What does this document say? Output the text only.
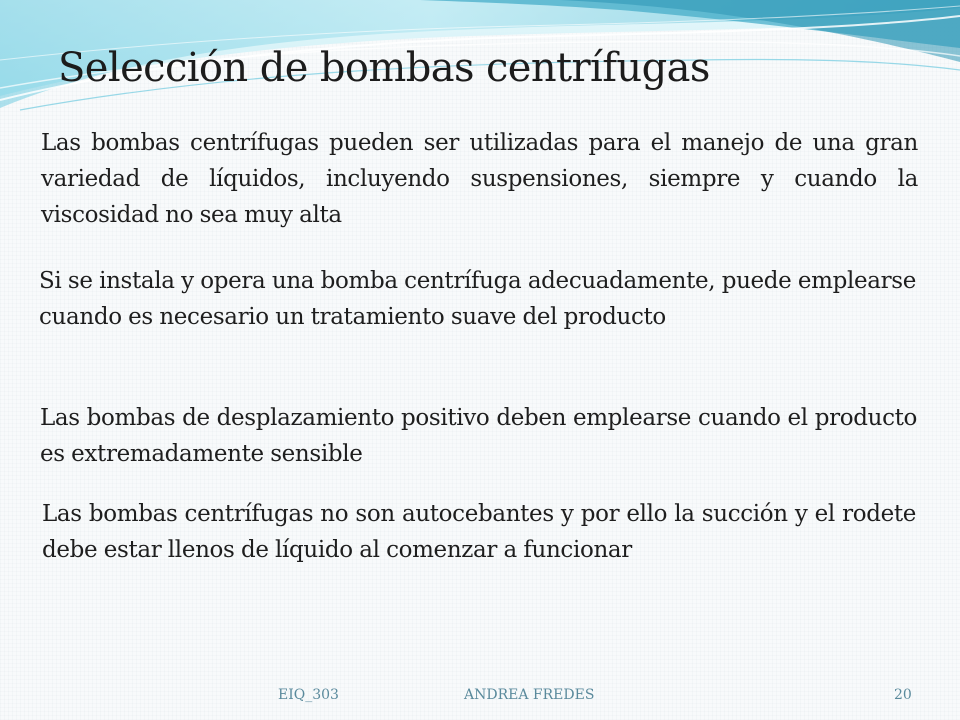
Selección de bombas centrífugas

Las bombas centrífugas pueden ser utilizadas para el manejo de una gran variedad de líquidos, incluyendo suspensiones, siempre y cuando la viscosidad no sea muy alta

Si se instala y opera una bomba centrífuga adecuadamente, puede emplearse cuando es necesario un tratamiento suave del producto

Las bombas de desplazamiento positivo deben emplearse cuando el producto es extremadamente sensible

Las bombas centrífugas no son autocebantes y por ello la succión y el rodete debe estar llenos de líquido al comenzar a funcionar

EIQ_303	ANDREA FREDES	20
